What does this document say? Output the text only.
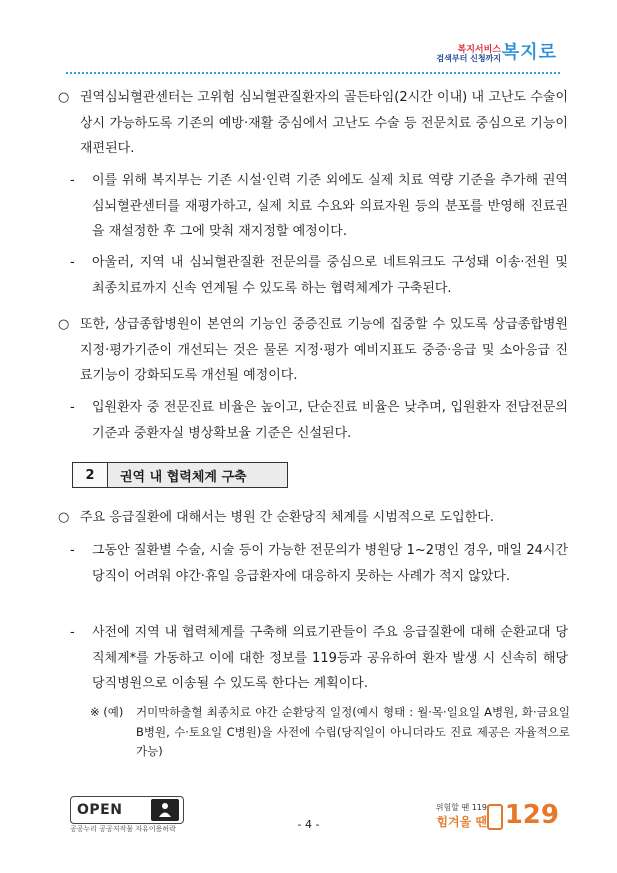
복지서비스
검색부터 신청까지 복지로
○ 권역심뇌혈관센터는 고위험 심뇌혈관질환자의 골든타임(2시간 이내) 내 고난도 수술이 상시 가능하도록 기존의 예방·재활 중심에서 고난도 수술 등 전문치료 중심으로 기능이 재편된다.
-	이를 위해 복지부는 기존 시설·인력 기준 외에도 실제 치료 역량 기준을 추가해 권역심뇌혈관센터를 재평가하고, 실제 치료 수요와 의료자원 등의 분포를 반영해 진료권을 재설정한 후 그에 맞춰 재지정할 예정이다.
-	아울러, 지역 내 심뇌혈관질환 전문의를 중심으로 네트워크도 구성돼 이송·전원 및 최종치료까지 신속 연계될 수 있도록 하는 협력체계가 구축된다.
○ 또한, 상급종합병원이 본연의 기능인 중증진료 기능에 집중할 수 있도록 상급종합병원 지정·평가기준이 개선되는 것은 물론 지정·평가 예비지표도 중증·응급 및 소아응급 진료기능이 강화되도록 개선될 예정이다.
-	입원환자 중 전문진료 비율은 높이고, 단순진료 비율은 낮추며, 입원환자 전담전문의 기준과 중환자실 병상확보율 기준은 신설된다.
2	권역 내 협력체계 구축
○ 주요 응급질환에 대해서는 병원 간 순환당직 체계를 시범적으로 도입한다.
-	그동안 질환별 수술, 시술 등이 가능한 전문의가 병원당 1~2명인 경우, 매일 24시간 당직이 어려워 야간·휴일 응급환자에 대응하지 못하는 사례가 적지 않았다.
-	사전에 지역 내 협력체계를 구축해 의료기관들이 주요 응급질환에 대해 순환교대 당직체계*를 가동하고 이에 대한 정보를 119등과 공유하여 환자 발생 시 신속히 해당 당직병원으로 이송될 수 있도록 한다는 계획이다.
※ (예)	거미막하출혈 최종치료 야간 순환당직 일정(예시 형태 : 월·목·일요일 A병원, 화·금요일 B병원, 수·토요일 C병원)을 사전에 수립(당직일이 아니더라도 진료 제공은 자율적으로 가능)
OPEN
공공누리 공공저작물 자유이용허락	- 4 -
위험할 땐 119
힘겨울 땐 129
